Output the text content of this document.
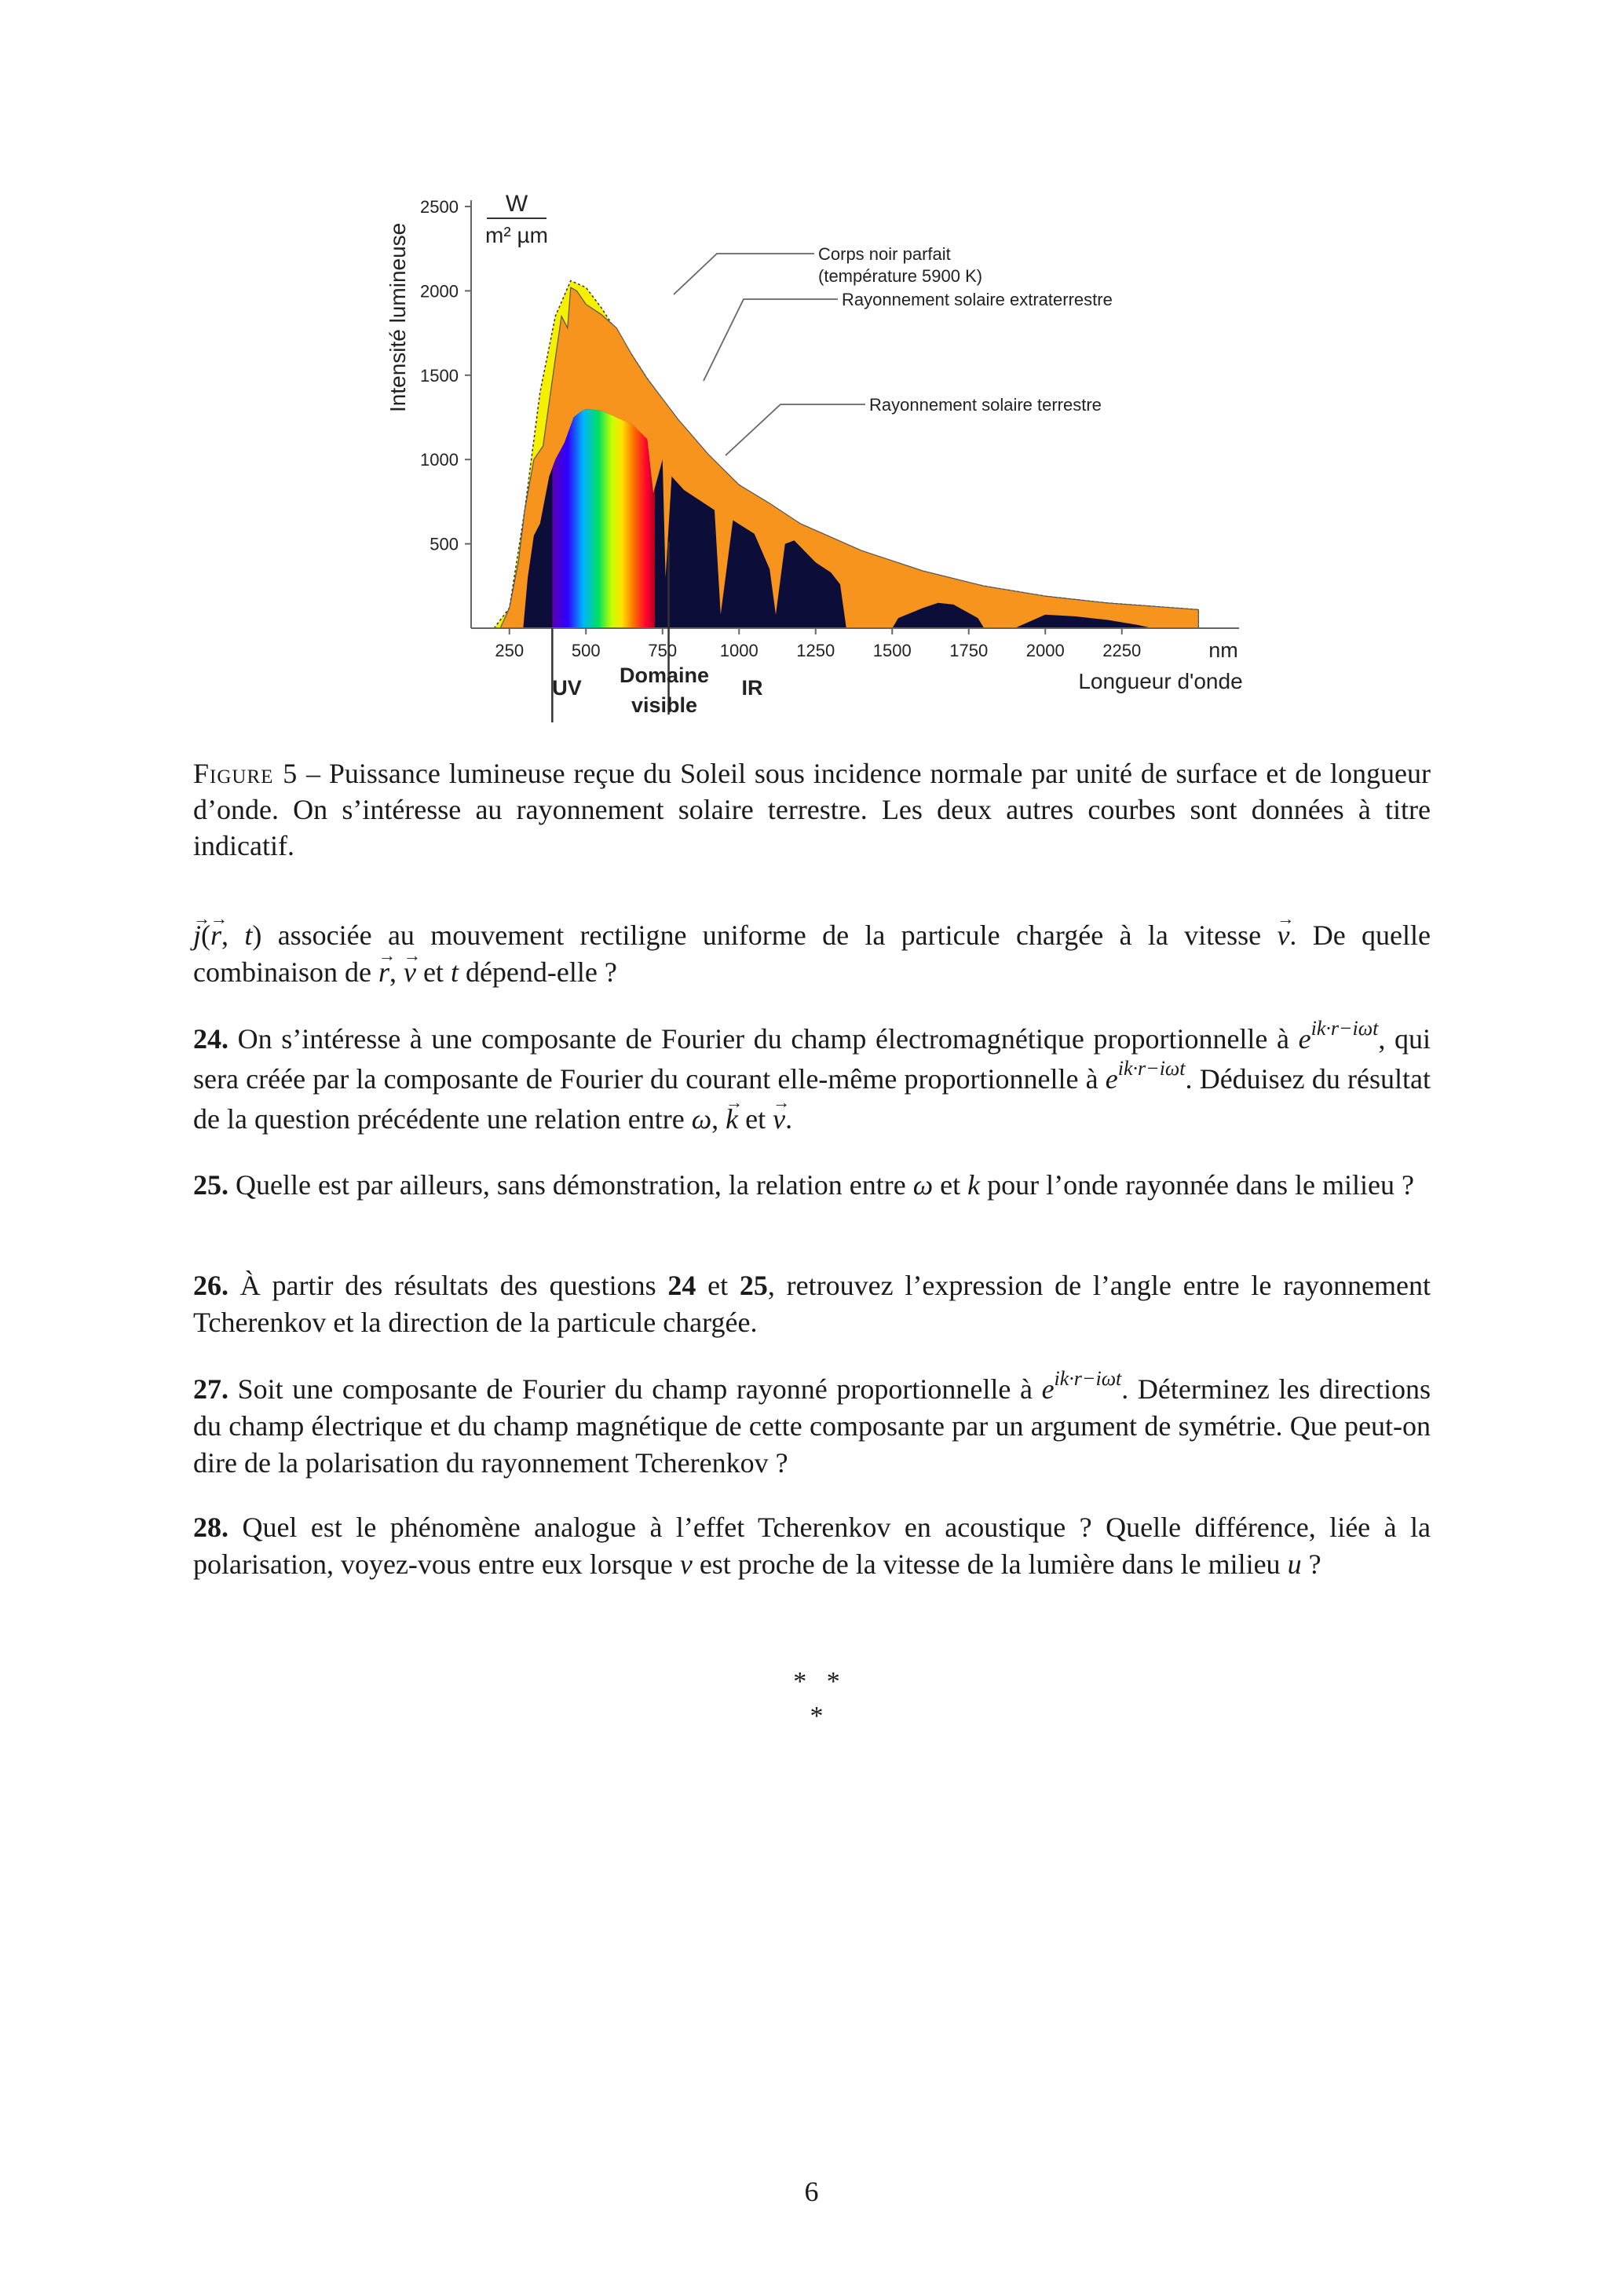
500
1000
1500
2000
2500
250	500	750 1000 1250 1500 1750 2000 2250
Intensité lumineuse
W
m² µm
nm
Longueur d'onde
UV
Domaine
visible
IR
Corps noir parfait
(température 5900 K)
Rayonnement solaire extraterrestre
Rayonnement solaire terrestre
Figure 5 – Puissance lumineuse reçue du Soleil sous incidence normale par unité de surface et de longueur d’onde. On s’intéresse au rayonnement solaire terrestre. Les deux autres courbes sont données à titre indicatif.
→ j(→ r, t) associée au mouvement rectiligne uniforme de la particule chargée à la vitesse → v. De quelle combinaison de → r, → v et t dépend-elle ?
24. On s’intéresse à une composante de Fourier du champ électromagnétique proportionnelle à $e^{ik\cdot r-i\omega t}$, qui sera créée par la composante de Fourier du courant elle-même proportionnelle à $e^{ik\cdot r-i\omega t}$. Déduisez du résultat de la question précédente une relation entre ω, → k et → v.
25. Quelle est par ailleurs, sans démonstration, la relation entre ω et k pour l’onde rayonnée dans le milieu ?
26. À partir des résultats des questions 24 et 25, retrouvez l’expression de l’angle entre le rayonnement Tcherenkov et la direction de la particule chargée.
27. Soit une composante de Fourier du champ rayonné proportionnelle à $e^{ik\cdot r-i\omega t}$. Déterminez les directions du champ électrique et du champ magnétique de cette composante par un argument de symétrie. Que peut-on dire de la polarisation du rayonnement Tcherenkov ?
28. Quel est le phénomène analogue à l’effet Tcherenkov en acoustique ? Quelle différence, liée à la polarisation, voyez-vous entre eux lorsque v est proche de la vitesse de la lumière dans le milieu u ?
*   *
*
6
